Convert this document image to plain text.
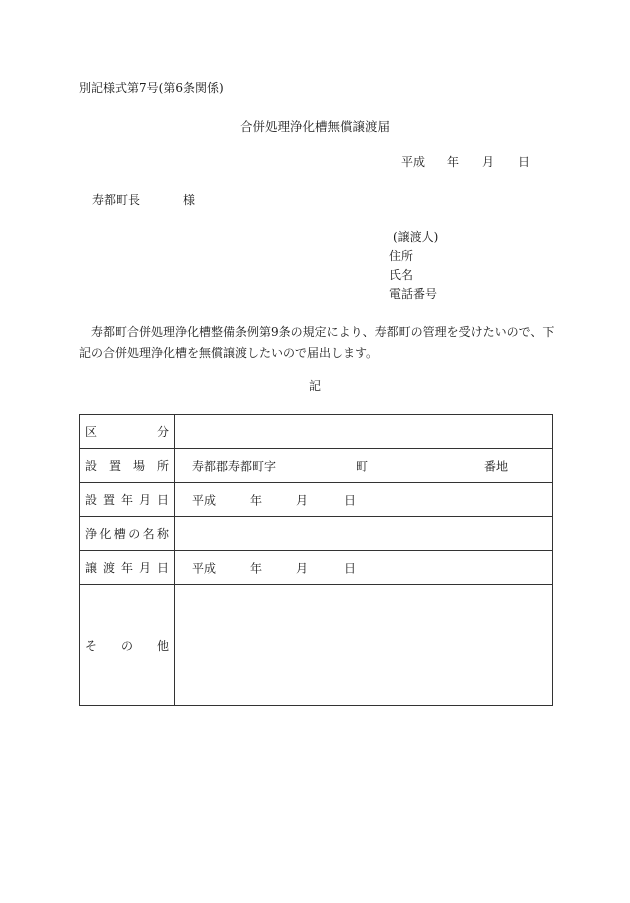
別記様式第7号(第6条関係)
合併処理浄化槽無償譲渡届
平成 年 月 日
寿都町長	様
(譲渡人)
住所
氏名
電話番号
寿都町合併処理浄化槽整備条例第9条の規定により、寿都町の管理を受けたいので、下記の合併処理浄化槽を無償譲渡したいので届出します。
記
区分	
設置場所	寿都郡寿都町字 町 番地

設置年月日	平成 年 月 日

浄化槽の名称	
譲渡年月日	平成 年 月 日

その他	
